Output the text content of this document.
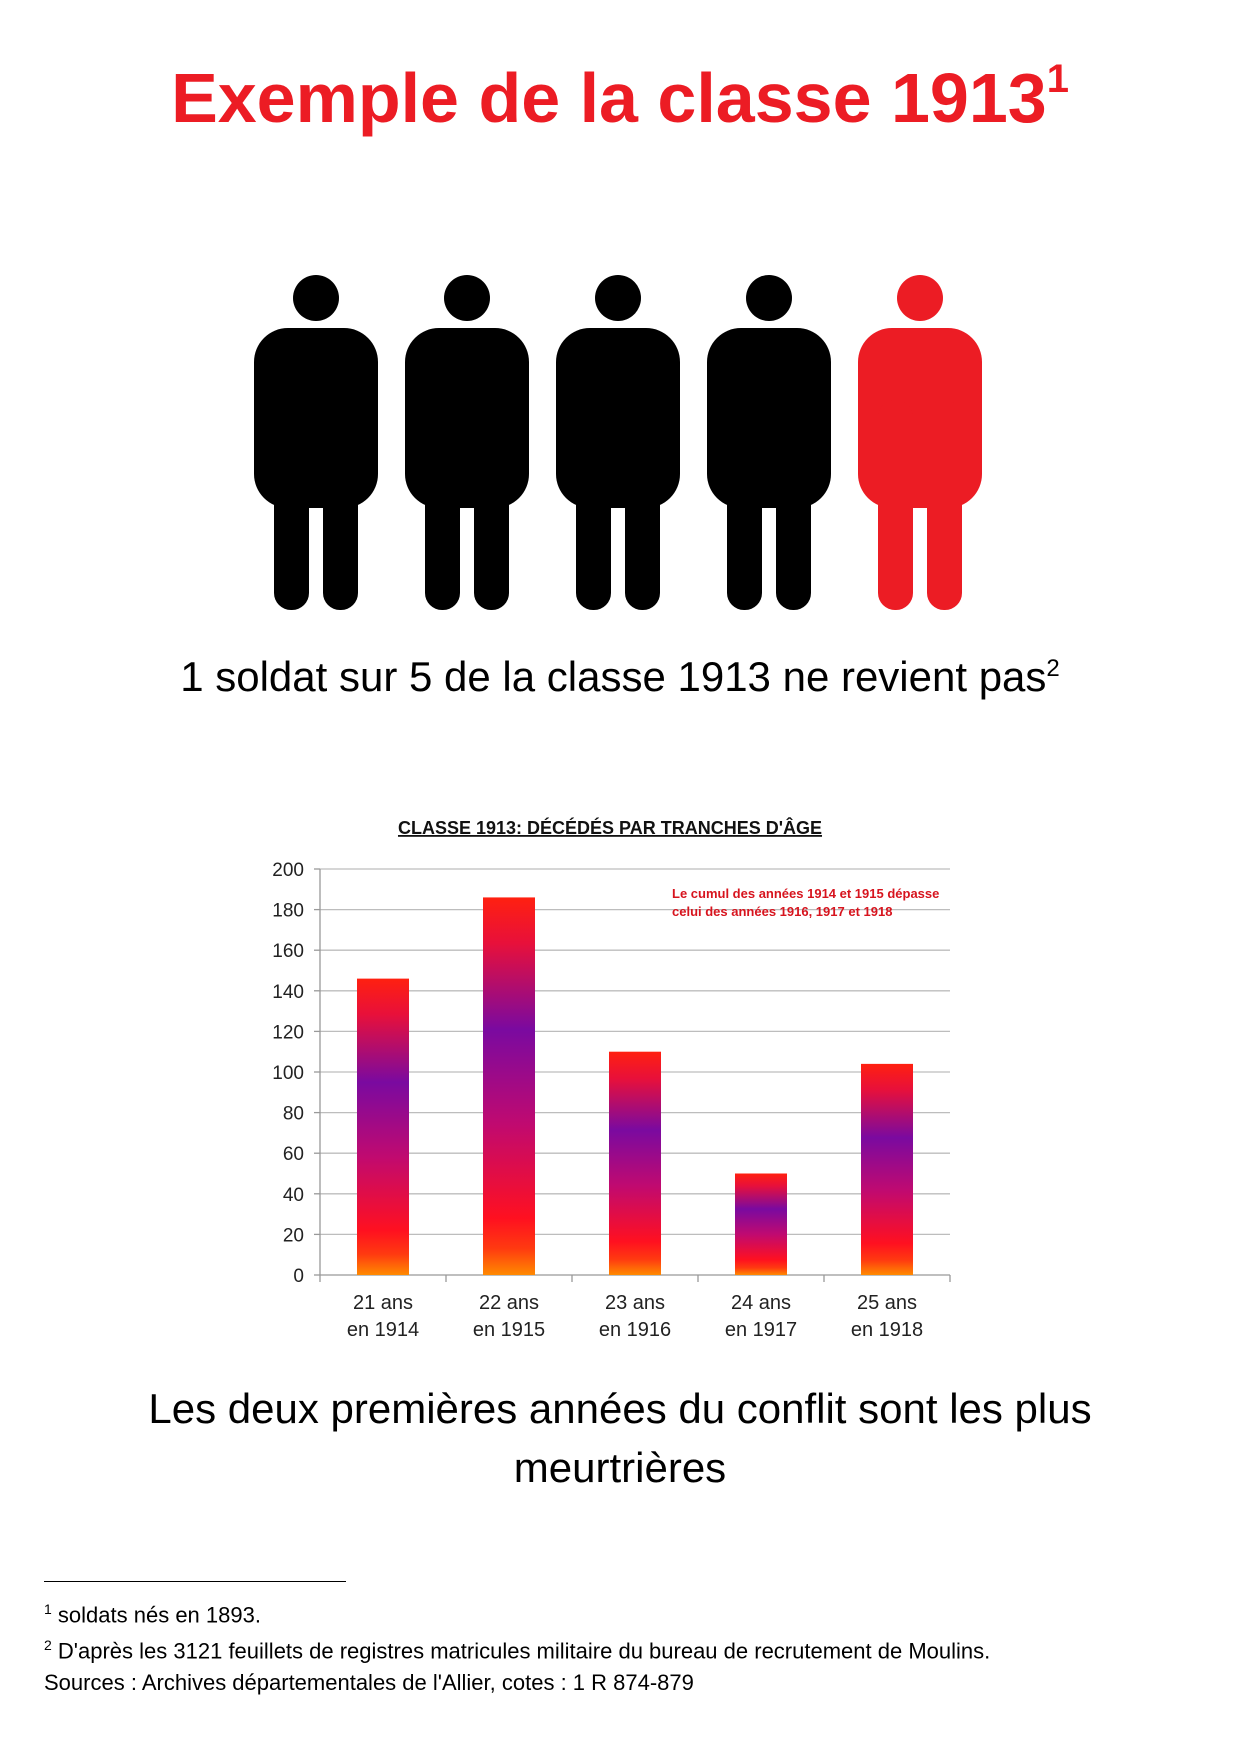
Exemple de la classe 1913$^1$
1 soldat sur 5 de la classe 1913 ne revient pas$^2$
CLASSE 1913: DÉCÉDÉS PAR TRANCHES D'ÂGE
0
20
40
60
80
100
120
140
160
180
200
21 ans
en 1914
22 ans
en 1915
23 ans
en 1916
24 ans
en 1917
25 ans
en 1918
Le cumul des années 1914 et 1915 dépasse
celui des années 1916, 1917 et 1918
Les deux premières années du conflit sont les plus
meurtrières
$^1$ soldats nés en 1893.
$^2$ D'après les 3121 feuillets de registres matricules militaire du bureau de recrutement de Moulins.
Sources : Archives départementales de l'Allier, cotes : 1 R 874-879
